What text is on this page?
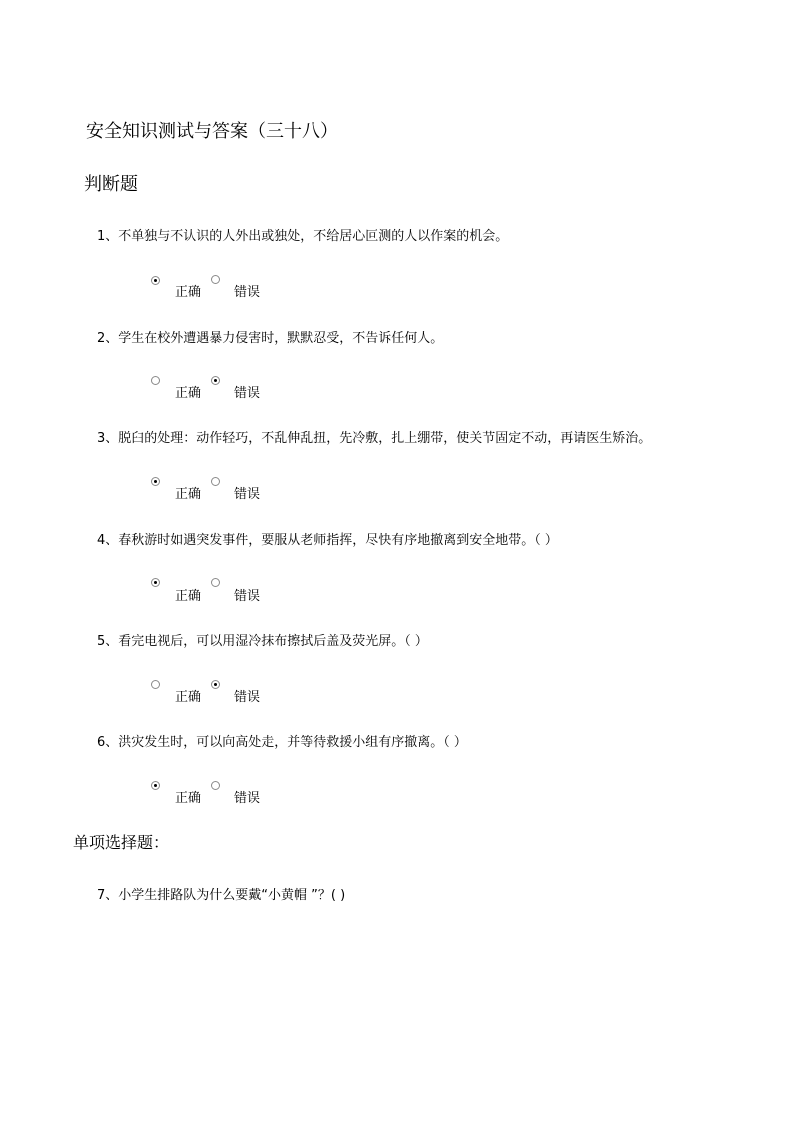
安全知识测试与答案（三十八）
判断题
1、不单独与不认识的人外出或独处，不给居心叵测的人以作案的机会。
正确	错误
2、学生在校外遭遇暴力侵害时，默默忍受，不告诉任何人。
正确	错误
3、脱臼的处理：动作轻巧，不乱伸乱扭，先冷敷，扎上绷带，使关节固定不动，再请医生矫治。
正确	错误
4、春秋游时如遇突发事件，要服从老师指挥，尽快有序地撤离到安全地带。（ ）
正确	错误
5、看完电视后，可以用湿冷抹布擦拭后盖及荧光屏。（ ）
正确	错误
6、洪灾发生时，可以向高处走，并等待救援小组有序撤离。（ ）
正确	错误
单项选择题：
7、小学生排路队为什么要戴“小黄帽 ”？( )
